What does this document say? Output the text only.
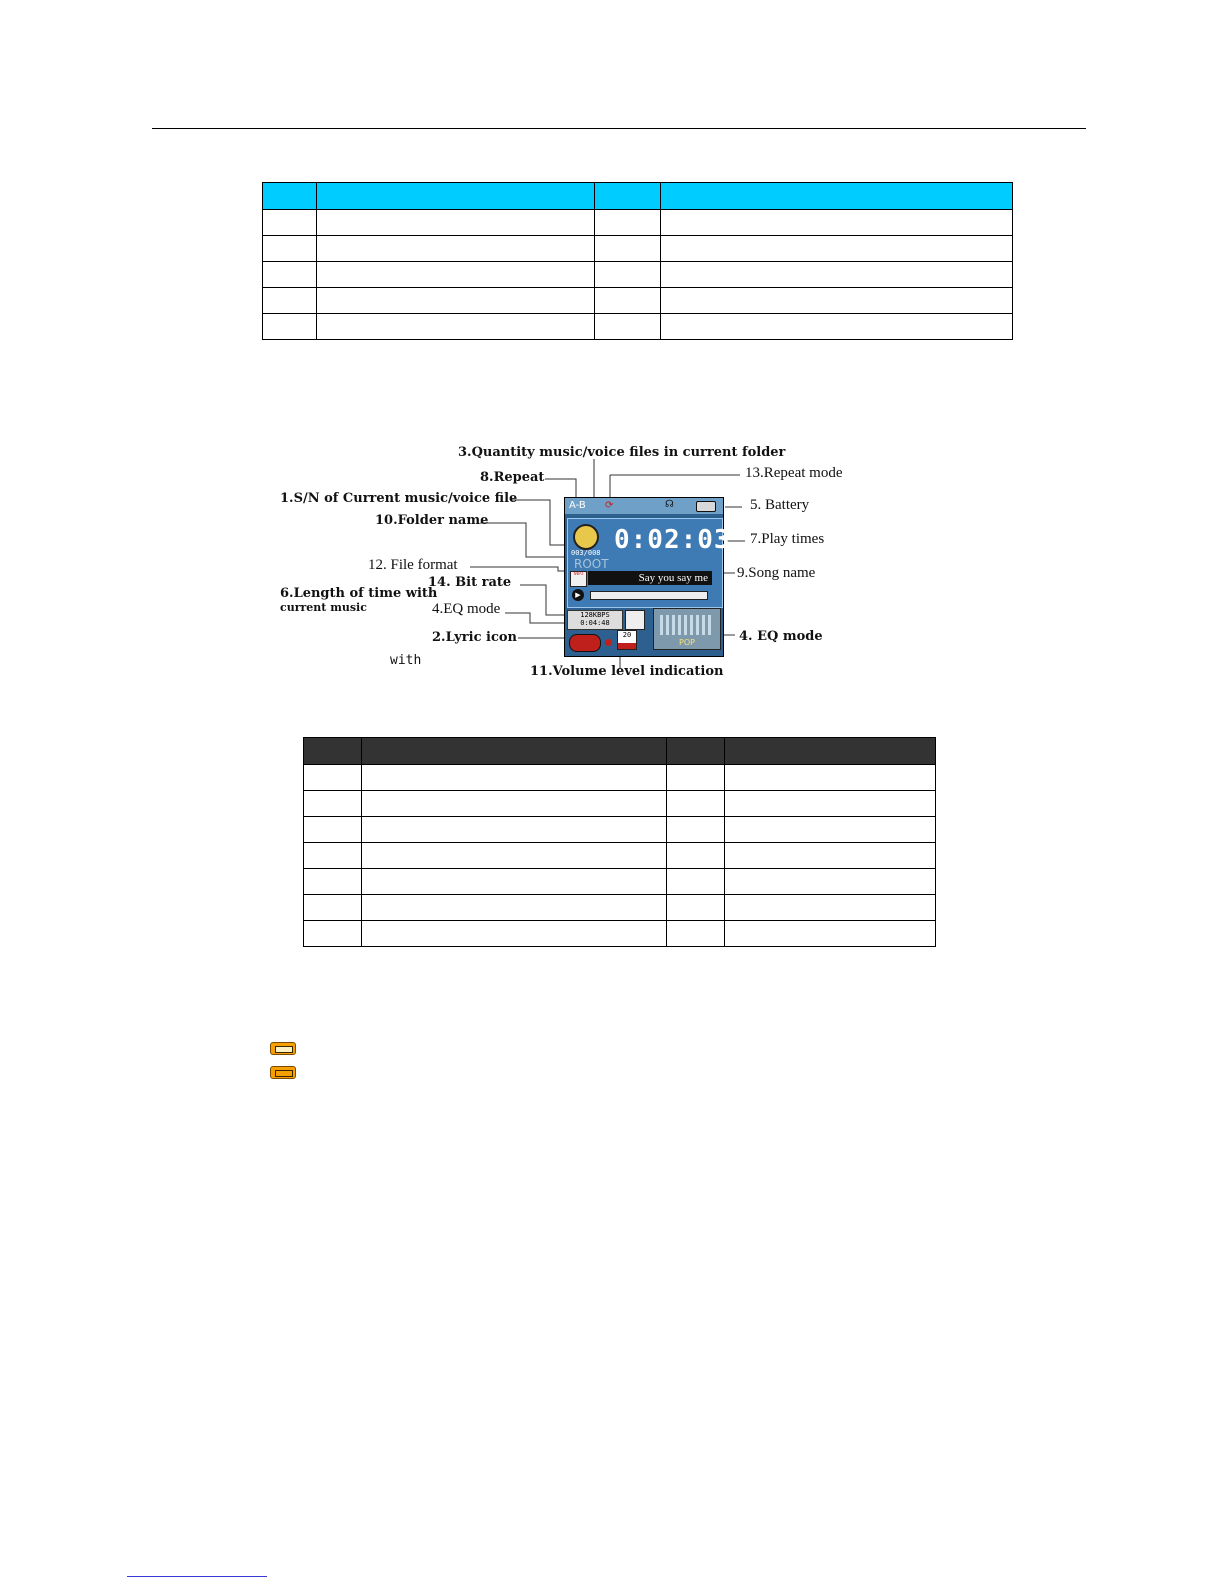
3.Quantity music/voice files in current folder
8.Repeat	13.Repeat mode
1.S/N of Current music/voice file	5. Battery
10.Folder name
7.Play times
12. File format	9.Song name
14. Bit rate
6.Length of time with
current music	4.EQ mode
4. EQ mode
2.Lyric icon
with
11.Volume level indication
A-B ⟳	☊
003/008 0:02:03
ROOT
MP3	Say you say me
▶
128KBPS
0:04:48
POP
20
